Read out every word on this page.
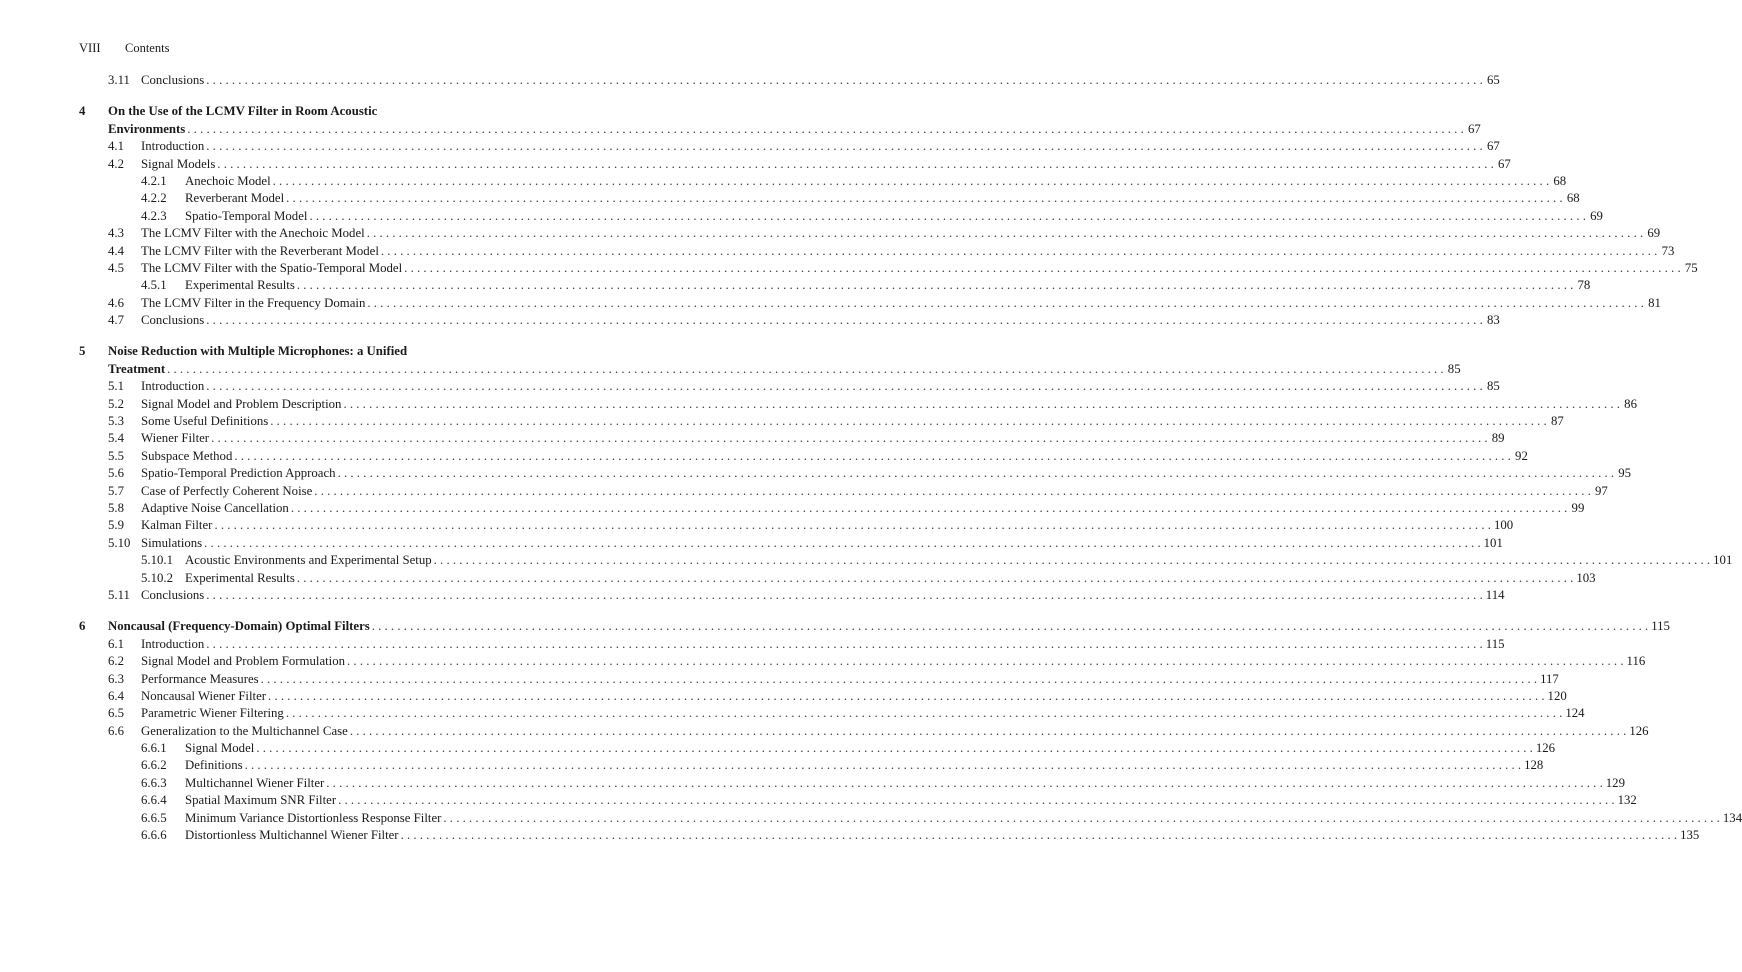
VIII	Contents
3.11 Conclusions . . .	65
4	On the Use of the LCMV Filter in Room Acoustic
Environments . . .	67
4.1	Introduction . . .	67
4.2	Signal Models . . .	67
4.2.1	Anechoic Model . . .	68
4.2.2	Reverberant Model . . .	68
4.2.3	Spatio-Temporal Model . . .	69
4.3	The LCMV Filter with the Anechoic Model . . .	69
4.4	The LCMV Filter with the Reverberant Model . . .	73
4.5	The LCMV Filter with the Spatio-Temporal Model . . .	75
4.5.1	Experimental Results . . .	78
4.6	The LCMV Filter in the Frequency Domain . . .	81
4.7	Conclusions . . .	83
5	Noise Reduction with Multiple Microphones: a Unified
Treatment . . .	85
5.1	Introduction . . .	85
5.2	Signal Model and Problem Description . . .	86
5.3	Some Useful Definitions . . .	87
5.4	Wiener Filter . . .	89
5.5	Subspace Method . . .	92
5.6	Spatio-Temporal Prediction Approach . . .	95
5.7	Case of Perfectly Coherent Noise . . .	97
5.8	Adaptive Noise Cancellation . . .	99
5.9	Kalman Filter . . .	100
5.10 Simulations . . .	101
5.10.1 Acoustic Environments and Experimental Setup . . .	101
5.10.2 Experimental Results . . .	103
5.11 Conclusions . . .	114
6	Noncausal (Frequency-Domain) Optimal Filters . . .	115
6.1	Introduction . . .	115
6.2	Signal Model and Problem Formulation . . .	116
6.3	Performance Measures . . .	117
6.4	Noncausal Wiener Filter . . .	120
6.5	Parametric Wiener Filtering . . .	124
6.6	Generalization to the Multichannel Case . . .	126
6.6.1	Signal Model . . .	126
6.6.2	Definitions . . .	128
6.6.3	Multichannel Wiener Filter . . .	129
6.6.4	Spatial Maximum SNR Filter . . .	132
6.6.5	Minimum Variance Distortionless Response Filter . . .	134
6.6.6	Distortionless Multichannel Wiener Filter . . .	135
